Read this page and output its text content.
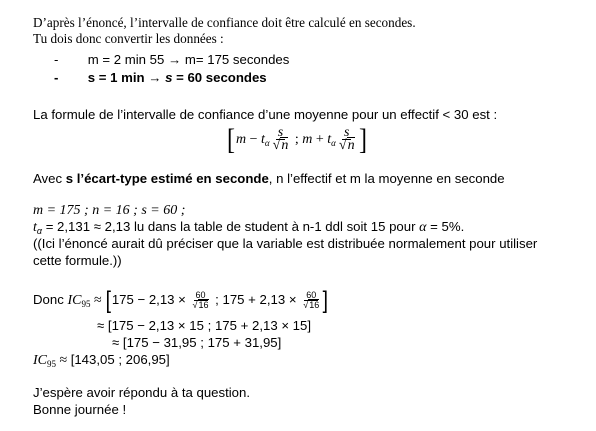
D’après l’énoncé, l’intervalle de confiance doit être calculé en secondes.
Tu dois donc convertir les données :
- m = 2 min 55 → m= 175 secondes
- s = 1 min → s = 60 secondes
La formule de l’intervalle de confiance d’une moyenne pour un effectif < 30 est :
[$m - t_\alpha \frac{s}{√n}$ ; $m + t_\alpha \frac{s}{√n}$ ]
Avec s l’écart-type estimé en seconde, n l’effectif et m la moyenne en seconde
m = 175 ; n = 16 ; s = 60 ;
$t_\alpha = 2,131 \approx 2,13$ lu dans la table de student à n-1 ddl soit 15 pour α = 5%.
((Ici l’énoncé aurait dû préciser que la variable est distribuée normalement pour utiliser
cette formule.))
Donc $IC_{95} \approx [175 - 2,13 \times \frac{60}{√16}$ ; $175 + 2,13 \times \frac{60}{√16}$ ]
≈ [175 − 2,13 × 15 ; 175 + 2,13 × 15]
≈ [175 − 31,95 ; 175 + 31,95]
$IC_{95} \approx [143,05$ ; 206,95]
J’espère avoir répondu à ta question.
Bonne journée !
